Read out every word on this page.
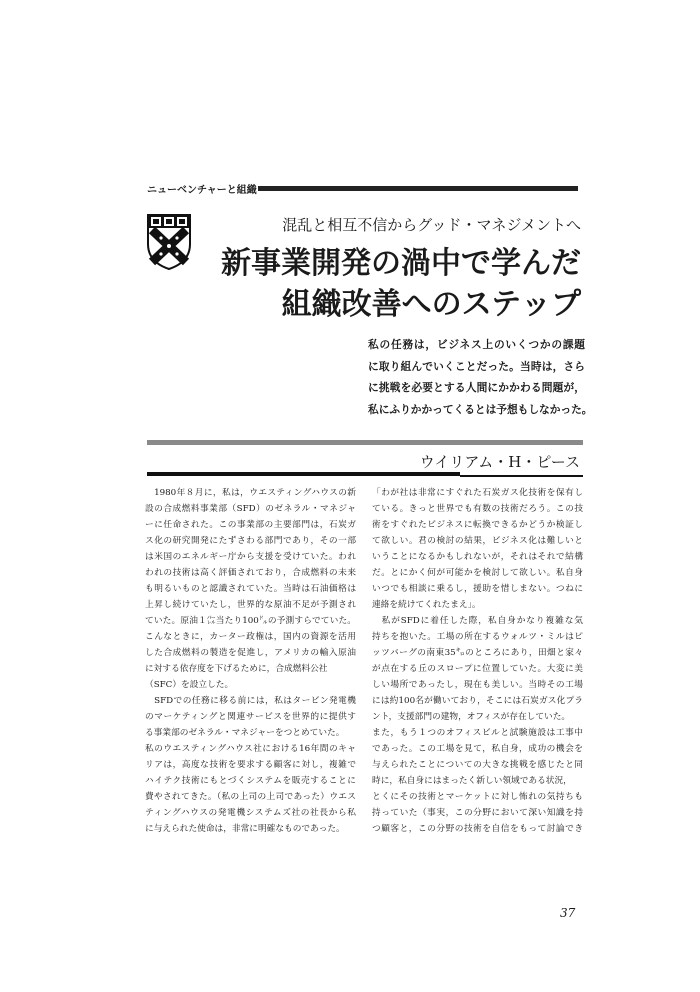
ニューベンチャーと組織
混乱と相互不信からグッド・マネジメントへ
新事業開発の渦中で学んだ
組織改善へのステップ
私の任務は，ビジネス上のいくつかの課題
に取り組んでいくことだった。当時は，さら
に挑戦を必要とする人間にかかわる問題が，
私にふりかかってくるとは予想もしなかった。
ウイリアム・H・ピース
　1980年８月に，私は，ウエスティングハウスの新
設の合成燃料事業部（SFD）のゼネラル・マネジャ
ーに任命された。この事業部の主要部門は，石炭ガ
ス化の研究開発にたずさわる部門であり，その一部
は米国のエネルギー庁から支援を受けていた。われ
われの技術は高く評価されており，合成燃料の未来
も明るいものと認識されていた。当時は石油価格は
上昇し続けていたし，世界的な原油不足が予測され
ていた。原油１㌭当たり100㌦の予測すらでていた。
こんなときに，カーター政権は，国内の資源を活用
した合成燃料の製造を促進し，アメリカの輸入原油
に対する依存度を下げるために，合成燃料公社
（SFC）を設立した。
　SFDでの任務に移る前には，私はタービン発電機
のマーケティングと関連サービスを世界的に提供す
る事業部のゼネラル・マネジャーをつとめていた。
私のウエスティングハウス社における16年間のキャ
リアは，高度な技術を要求する顧客に対し，複雑で
ハイテク技術にもとづくシステムを販売することに
費やされてきた。（私の上司の上司であった）ウエス
ティングハウスの発電機システムズ社の社長から私
に与えられた使命は，非常に明確なものであった。
「わが社は非常にすぐれた石炭ガス化技術を保有し
ている。きっと世界でも有数の技術だろう。この技
術をすぐれたビジネスに転換できるかどうか検証し
て欲しい。君の検討の結果，ビジネス化は難しいと
いうことになるかもしれないが，それはそれで結構
だ。とにかく何が可能かを検討して欲しい。私自身
いつでも相談に乗るし，援助を惜しまない。つねに
連絡を続けてくれたまえ」。
　私がSFDに着任した際，私自身かなり複雑な気
持ちを抱いた。工場の所在するウォルツ・ミルはピ
ッツバーグの南東35㌔のところにあり，田畑と家々
が点在する丘のスロープに位置していた。大変に美
しい場所であったし，現在も美しい。当時その工場
には約100名が働いており，そこには石炭ガス化プラ
ント，支援部門の建物，オフィスが存在していた。
また，もう１つのオフィスビルと試験施設は工事中
であった。この工場を見て，私自身，成功の機会を
与えられたことについての大きな挑戦を感じたと同
時に，私自身にはまったく新しい領域である状況，
とくにその技術とマーケットに対し怖れの気持ちも
持っていた（事実，この分野において深い知識を持
つ顧客と，この分野の技術を自信をもって討論でき
37
